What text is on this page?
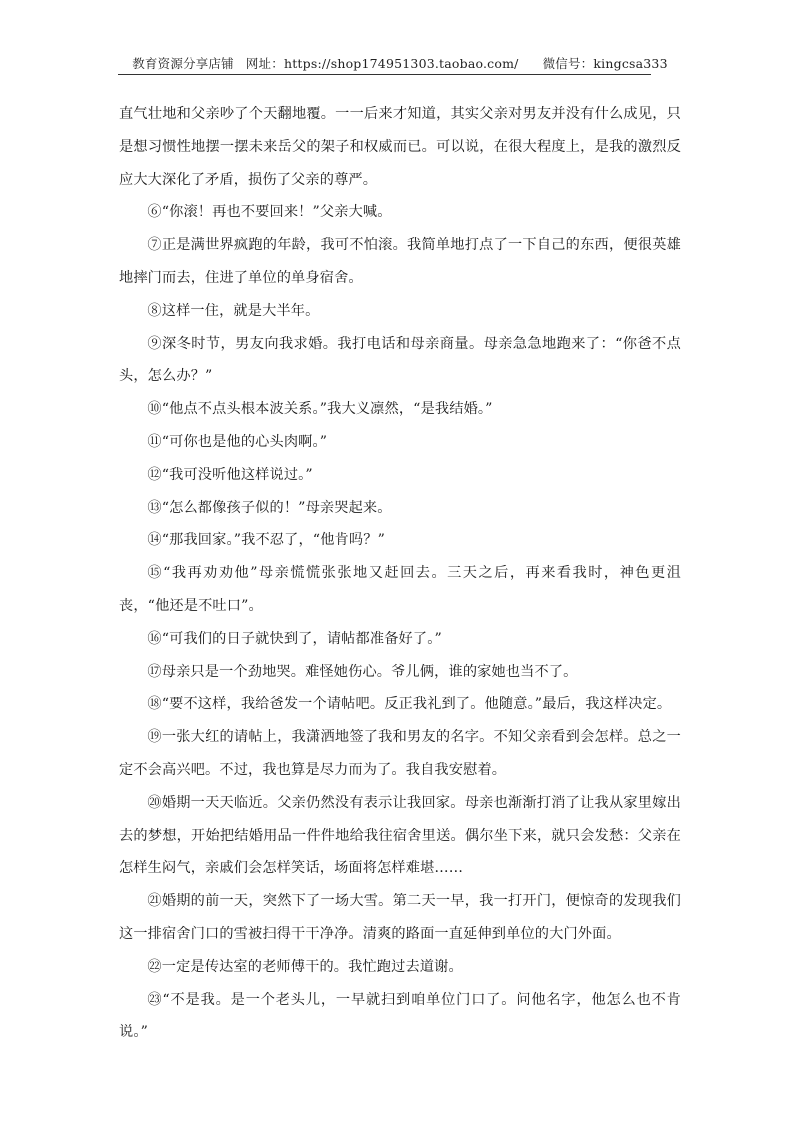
教育资源分享店铺 网址：https://shop174951303.taobao.com/ 微信号：kingcsa333

直气壮地和父亲吵了个天翻地覆。一一后来才知道，其实父亲对男友并没有什么成见，只是想习惯性地摆一摆未来岳父的架子和权威而已。可以说，在很大程度上，是我的激烈反应大大深化了矛盾，损伤了父亲的尊严。

⑥“你滚！再也不要回来！”父亲大喊。

⑦正是满世界疯跑的年龄，我可不怕滚。我简单地打点了一下自己的东西，便很英雄地摔门而去，住进了单位的单身宿舍。

⑧这样一住，就是大半年。

⑨深冬时节，男友向我求婚。我打电话和母亲商量。母亲急急地跑来了：“你爸不点头，怎么办？”

⑩“他点不点头根本波关系。”我大义凛然，“是我结婚。”

⑪“可你也是他的心头肉啊。”

⑫“我可没听他这样说过。”

⑬“怎么都像孩子似的！”母亲哭起来。

⑭“那我回家。”我不忍了，“他肯吗？”

⑮“我再劝劝他”母亲慌慌张张地又赶回去。三天之后，再来看我时，神色更沮丧，“他还是不吐口”。

⑯“可我们的日子就快到了，请帖都准备好了。”

⑰母亲只是一个劲地哭。难怪她伤心。爷儿俩，谁的家她也当不了。

⑱“要不这样，我给爸发一个请帖吧。反正我礼到了。他随意。”最后，我这样决定。

⑲一张大红的请帖上，我潇洒地签了我和男友的名字。不知父亲看到会怎样。总之一定不会高兴吧。不过，我也算是尽力而为了。我自我安慰着。

⑳婚期一天天临近。父亲仍然没有表示让我回家。母亲也渐渐打消了让我从家里嫁出去的梦想，开始把结婚用品一件件地给我往宿舍里送。偶尔坐下来，就只会发愁：父亲在怎样生闷气，亲戚们会怎样笑话，场面将怎样难堪……

㉑婚期的前一天，突然下了一场大雪。第二天一早，我一打开门，便惊奇的发现我们这一排宿舍门口的雪被扫得干干净净。清爽的路面一直延伸到单位的大门外面。

㉒一定是传达室的老师傅干的。我忙跑过去道谢。

㉓“不是我。是一个老头儿，一早就扫到咱单位门口了。问他名字，他怎么也不肯说。”
